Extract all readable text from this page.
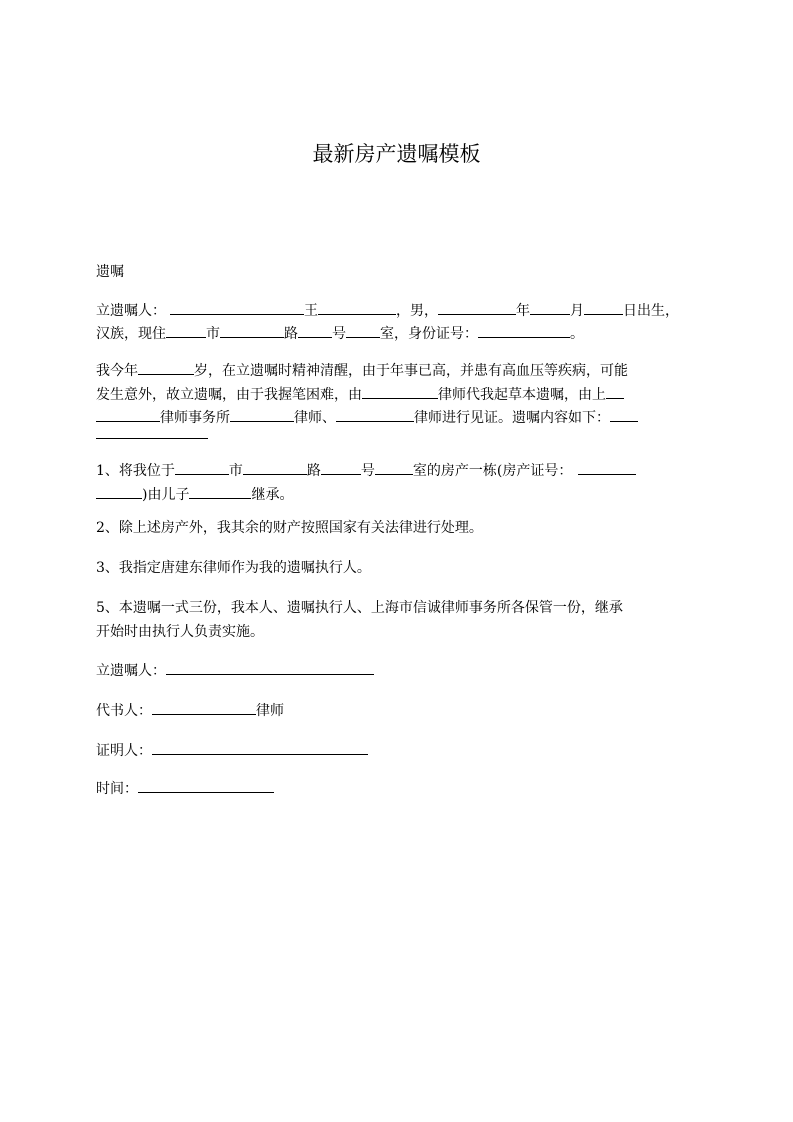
最新房产遗嘱模板
遗嘱
立遗嘱人：	王	，男，	年	月	日出生，
汉族，现住	市	路 号 室，身份证号：	。
我今年	岁，在立遗嘱时精神清醒，由于年事已高，并患有高血压等疾病，可能
发生意外，故立遗嘱，由于我握笔困难，由	律师代我起草本遗嘱，由上
律师事务所	律师、	律师进行见证。遗嘱内容如下：
1、将我位于	市	路	号	室的房产一栋(房产证号：
)由儿子	继承。
2、除上述房产外，我其余的财产按照国家有关法律进行处理。
3、我指定唐建东律师作为我的遗嘱执行人。
5、本遗嘱一式三份，我本人、遗嘱执行人、上海市信诚律师事务所各保管一份，继承
开始时由执行人负责实施。
立遗嘱人：
代书人：	律师
证明人：
时间：
